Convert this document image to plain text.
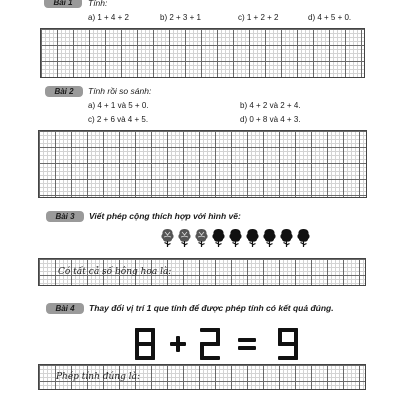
Bài 1	Tính:
a) 1 + 4 + 2	b) 2 + 3 + 1	c) 1 + 2 + 2	d) 4 + 5 + 0.
Bài 2	Tính rồi so sánh:
a) 4 + 1 và 5 + 0.	b) 4 + 2 và 2 + 4.
c) 2 + 6 và 4 + 5.	d) 0 + 8 và 4 + 3.
Bài 3	Viết phép cộng thích hợp với hình vẽ:
Có tất cả số bông hoa là:
Bài 4	Thay đổi vị trí 1 que tính để được phép tính có kết quả đúng.
Phép tính đúng là:
